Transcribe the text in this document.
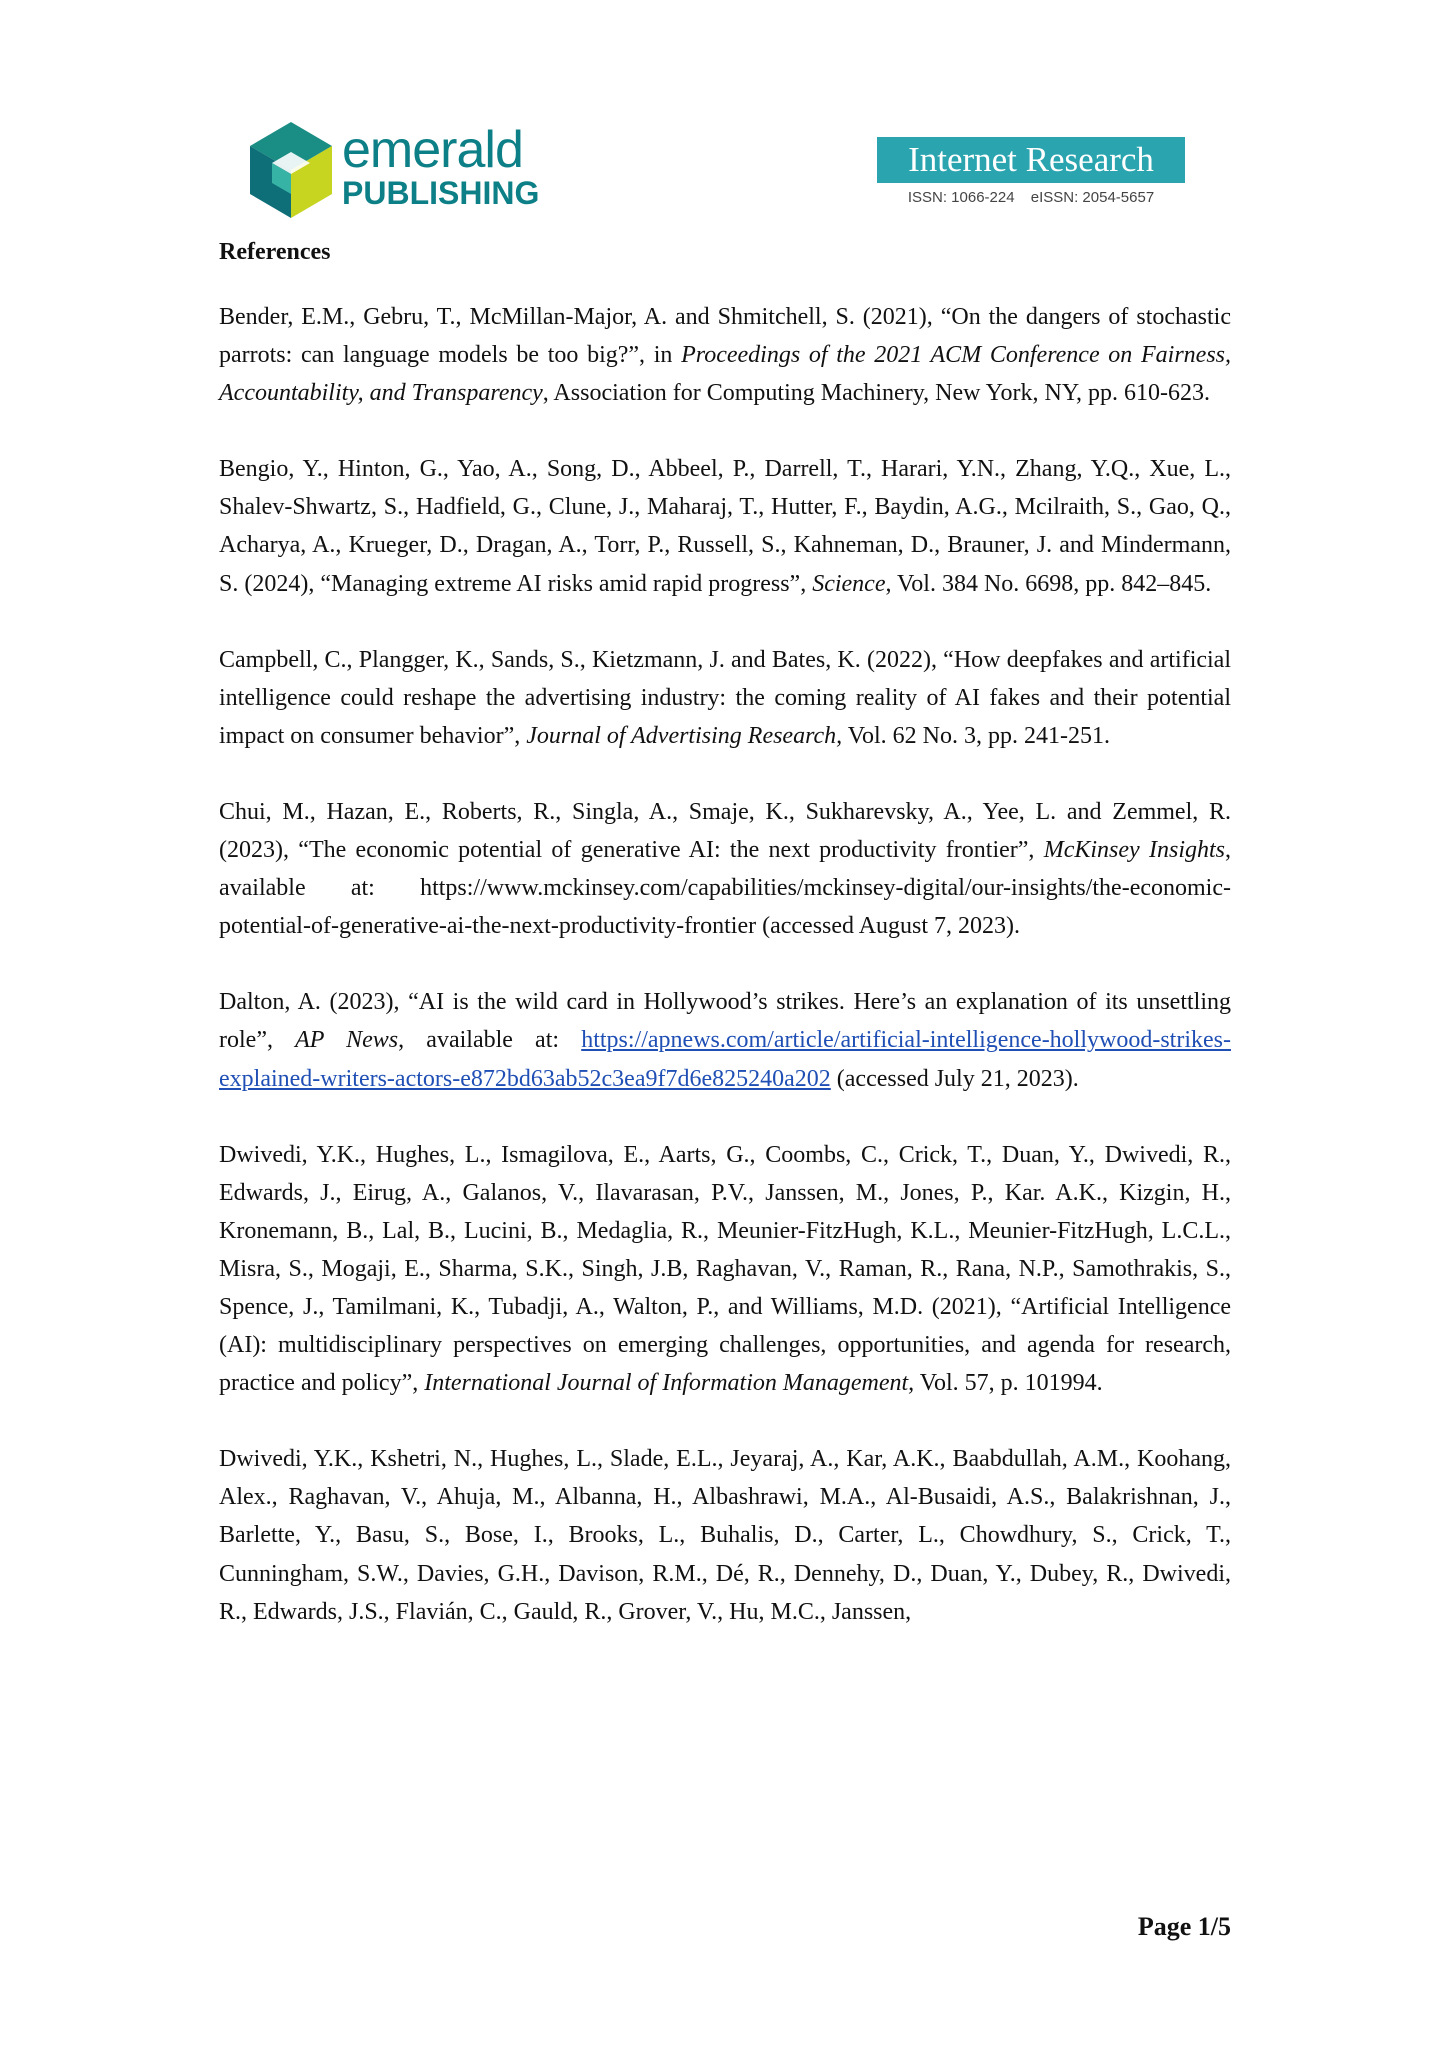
emerald
PUBLISHING
Internet Research
ISSN: 1066-224 eISSN: 2054-5657
References

Bender, E.M., Gebru, T., McMillan-Major, A. and Shmitchell, S. (2021), “On the dangers of stochastic parrots: can language models be too big?”, in Proceedings of the 2021 ACM Conference on Fairness, Accountability, and Transparency, Association for Computing Machinery, New York, NY, pp. 610-623.

Bengio, Y., Hinton, G., Yao, A., Song, D., Abbeel, P., Darrell, T., Harari, Y.N., Zhang, Y.Q., Xue, L., Shalev-Shwartz, S., Hadfield, G., Clune, J., Maharaj, T., Hutter, F., Baydin, A.G., Mcilraith, S., Gao, Q., Acharya, A., Krueger, D., Dragan, A., Torr, P., Russell, S., Kahneman, D., Brauner, J. and Mindermann, S. (2024), “Managing extreme AI risks amid rapid progress”, Science, Vol. 384 No. 6698, pp. 842–845.

Campbell, C., Plangger, K., Sands, S., Kietzmann, J. and Bates, K. (2022), “How deepfakes and artificial intelligence could reshape the advertising industry: the coming reality of AI fakes and their potential impact on consumer behavior”, Journal of Advertising Research, Vol. 62 No. 3, pp. 241-251.

Chui, M., Hazan, E., Roberts, R., Singla, A., Smaje, K., Sukharevsky, A., Yee, L. and Zemmel, R. (2023), “The economic potential of generative AI: the next productivity frontier”, McKinsey Insights, available at: https://www.mckinsey.com/capabilities/mckinsey-digital/our-insights/the-economic-potential-of-generative-ai-the-next-productivity-frontier (accessed August 7, 2023).

Dalton, A. (2023), “AI is the wild card in Hollywood’s strikes. Here’s an explanation of its unsettling role”, AP News, available at: https://apnews.com/article/artificial-intelligence-hollywood-strikes-explained-writers-actors-e872bd63ab52c3ea9f7d6e825240a202 (accessed July 21, 2023).

Dwivedi, Y.K., Hughes, L., Ismagilova, E., Aarts, G., Coombs, C., Crick, T., Duan, Y., Dwivedi, R., Edwards, J., Eirug, A., Galanos, V., Ilavarasan, P.V., Janssen, M., Jones, P., Kar. A.K., Kizgin, H., Kronemann, B., Lal, B., Lucini, B., Medaglia, R., Meunier-FitzHugh, K.L., Meunier-FitzHugh, L.C.L., Misra, S., Mogaji, E., Sharma, S.K., Singh, J.B, Raghavan, V., Raman, R., Rana, N.P., Samothrakis, S., Spence, J., Tamilmani, K., Tubadji, A., Walton, P., and Williams, M.D. (2021), “Artificial Intelligence (AI): multidisciplinary perspectives on emerging challenges, opportunities, and agenda for research, practice and policy”, International Journal of Information Management, Vol. 57, p. 101994.

Dwivedi, Y.K., Kshetri, N., Hughes, L., Slade, E.L., Jeyaraj, A., Kar, A.K., Baabdullah, A.M., Koohang, Alex., Raghavan, V., Ahuja, M., Albanna, H., Albashrawi, M.A., Al-Busaidi, A.S., Balakrishnan, J., Barlette, Y., Basu, S., Bose, I., Brooks, L., Buhalis, D., Carter, L., Chowdhury, S., Crick, T., Cunningham, S.W., Davies, G.H., Davison, R.M., Dé, R., Dennehy, D., Duan, Y., Dubey, R., Dwivedi, R., Edwards, J.S., Flavián, C., Gauld, R., Grover, V., Hu, M.C., Janssen,

Page 1/5
